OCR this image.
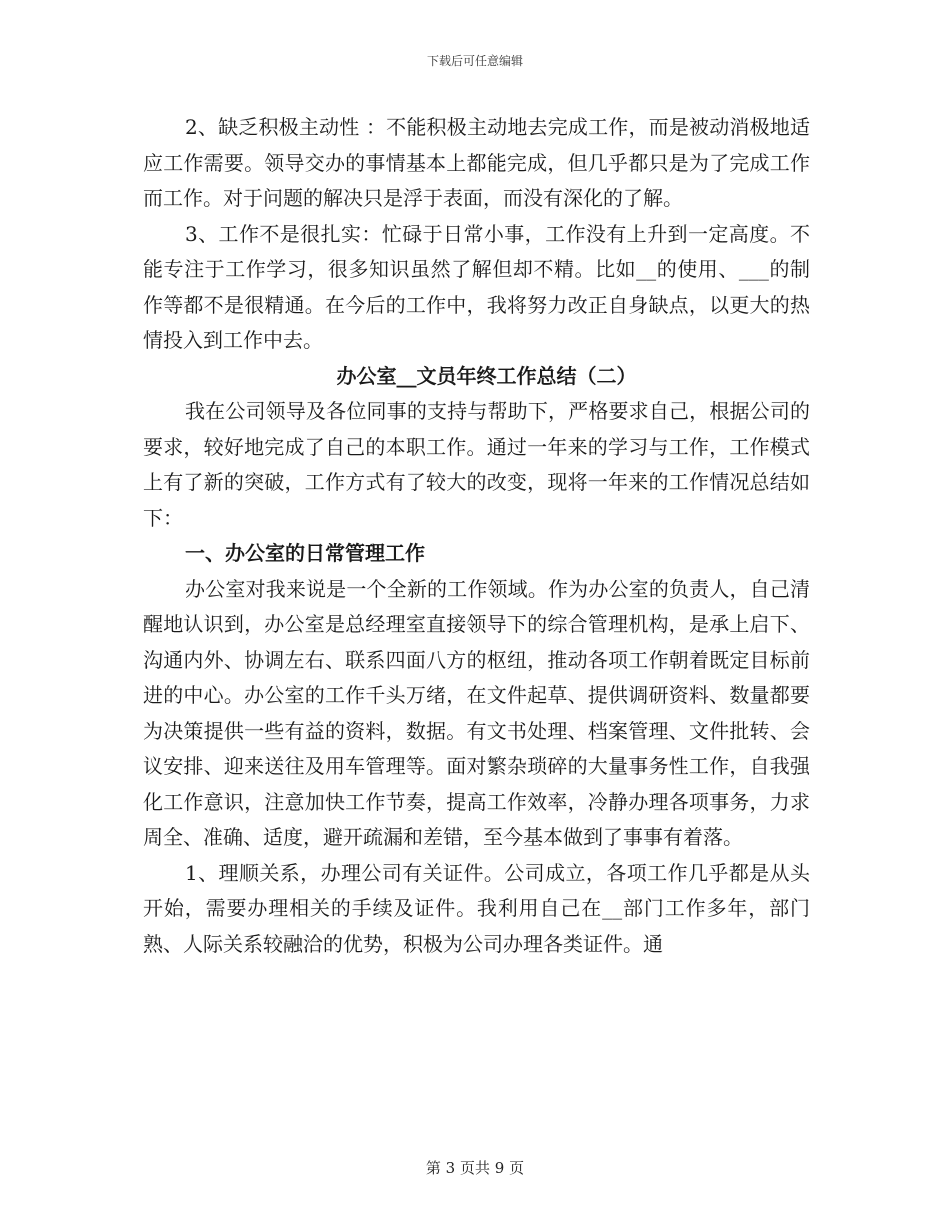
下载后可任意编辑

2、缺乏积极主动性 ：不能积极主动地去完成工作，而是被动消极地适应工作需要。领导交办的事情基本上都能完成，但几乎都只是为了完成工作而工作。对于问题的解决只是浮于表面，而没有深化的了解。

3、工作不是很扎实：忙碌于日常小事，工作没有上升到一定高度。不能专注于工作学习，很多知识虽然了解但却不精。比如__的使用、___的制作等都不是很精通。在今后的工作中，我将努力改正自身缺点，以更大的热情投入到工作中去。

办公室__文员年终工作总结（二）

我在公司领导及各位同事的支持与帮助下，严格要求自己，根据公司的要求，较好地完成了自己的本职工作。通过一年来的学习与工作，工作模式上有了新的突破，工作方式有了较大的改变，现将一年来的工作情况总结如下：

一、办公室的日常管理工作

办公室对我来说是一个全新的工作领域。作为办公室的负责人，自己清醒地认识到，办公室是总经理室直接领导下的综合管理机构，是承上启下、沟通内外、协调左右、联系四面八方的枢纽，推动各项工作朝着既定目标前进的中心。办公室的工作千头万绪，在文件起草、提供调研资料、数量都要为决策提供一些有益的资料，数据。有文书处理、档案管理、文件批转、会议安排、迎来送往及用车管理等。面对繁杂琐碎的大量事务性工作，自我强化工作意识，注意加快工作节奏，提高工作效率，冷静办理各项事务，力求周全、准确、适度，避开疏漏和差错，至今基本做到了事事有着落。

1、理顺关系，办理公司有关证件。公司成立，各项工作几乎都是从头开始，需要办理相关的手续及证件。我利用自己在__部门工作多年，部门熟、人际关系较融洽的优势，积极为公司办理各类证件。通

第 3 页共 9 页
